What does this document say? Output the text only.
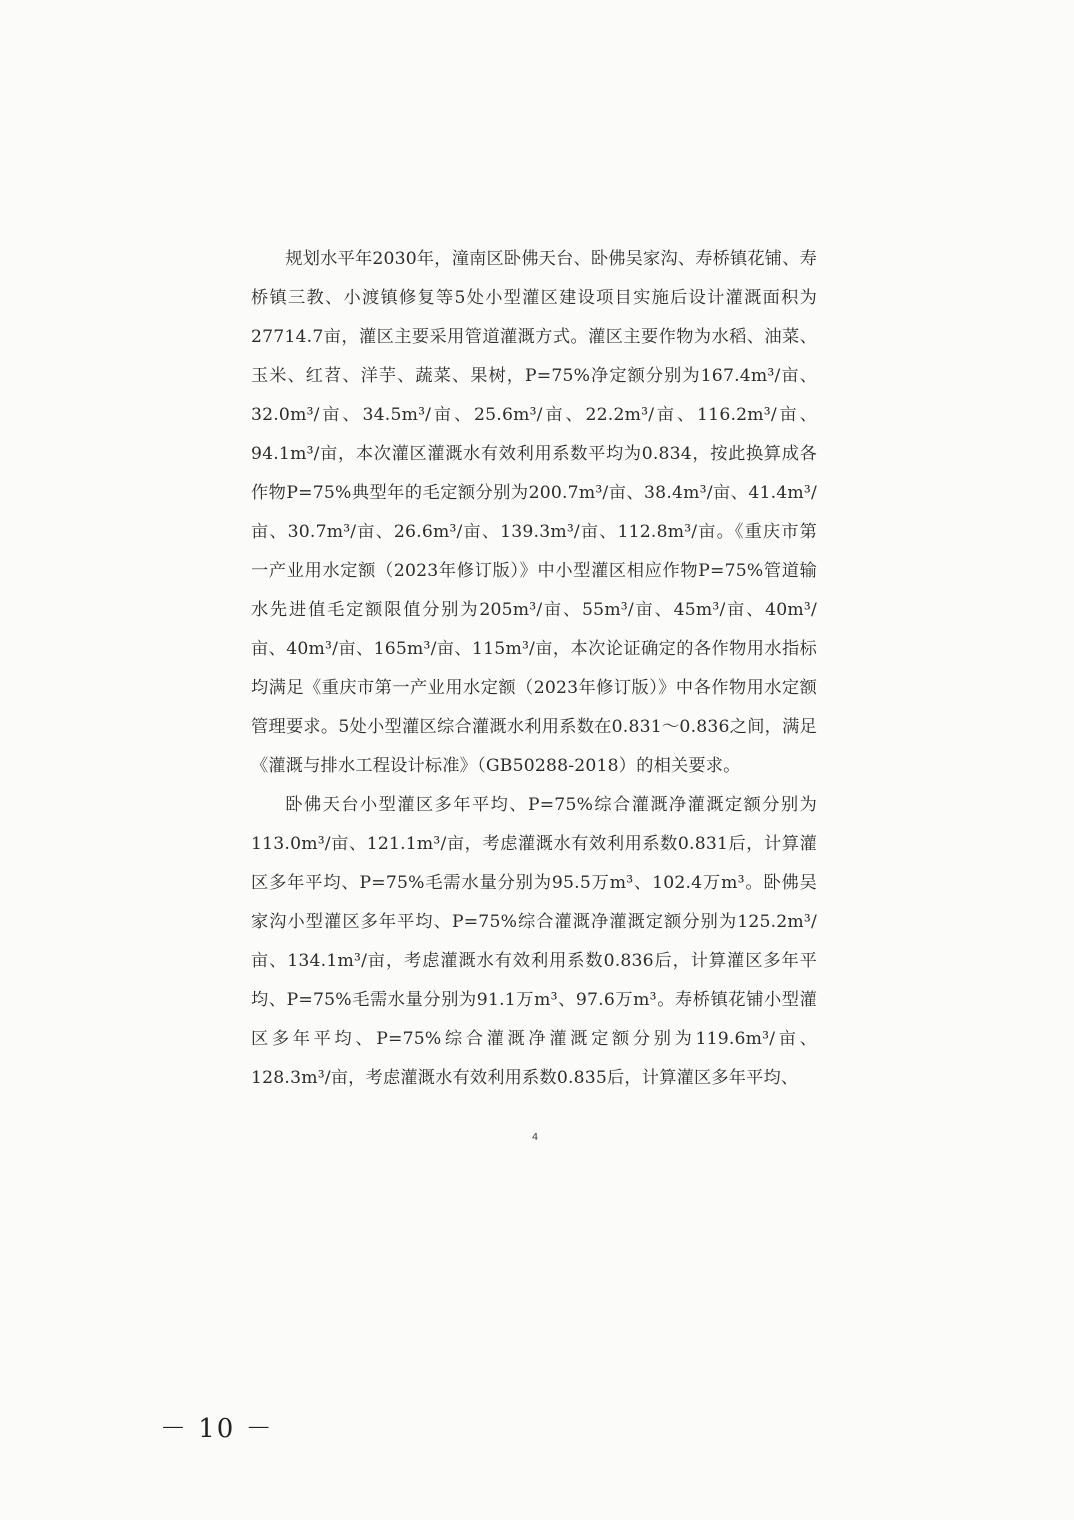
规划水平年2030年，潼南区卧佛天台、卧佛吴家沟、寿桥镇花铺、寿桥镇三教、小渡镇修复等5处小型灌区建设项目实施后设计灌溉面积为27714.7亩，灌区主要采用管道灌溉方式。灌区主要作物为水稻、油菜、玉米、红苕、洋芋、蔬菜、果树，P=75%净定额分别为167.4m³/亩、32.0m³/亩、34.5m³/亩、25.6m³/亩、22.2m³/亩、116.2m³/亩、94.1m³/亩，本次灌区灌溉水有效利用系数平均为0.834，按此换算成各作物P=75%典型年的毛定额分别为200.7m³/亩、38.4m³/亩、41.4m³/亩、30.7m³/亩、26.6m³/亩、139.3m³/亩、112.8m³/亩。《重庆市第一产业用水定额（2023年修订版）》中小型灌区相应作物P=75%管道输水先进值毛定额限值分别为205m³/亩、55m³/亩、45m³/亩、40m³/亩、40m³/亩、165m³/亩、115m³/亩，本次论证确定的各作物用水指标均满足《重庆市第一产业用水定额（2023年修订版）》中各作物用水定额管理要求。5处小型灌区综合灌溉水利用系数在0.831～0.836之间，满足《灌溉与排水工程设计标准》（GB50288-2018）的相关要求。

卧佛天台小型灌区多年平均、P=75%综合灌溉净灌溉定额分别为113.0m³/亩、121.1m³/亩，考虑灌溉水有效利用系数0.831后，计算灌区多年平均、P=75%毛需水量分别为95.5万m³、102.4万m³。卧佛吴家沟小型灌区多年平均、P=75%综合灌溉净灌溉定额分别为125.2m³/亩、134.1m³/亩，考虑灌溉水有效利用系数0.836后，计算灌区多年平均、P=75%毛需水量分别为91.1万m³、97.6万m³。寿桥镇花铺小型灌区多年平均、P=75%综合灌溉净灌溉定额分别为119.6m³/亩、128.3m³/亩，考虑灌溉水有效利用系数0.835后，计算灌区多年平均、

4
－ 10 －
